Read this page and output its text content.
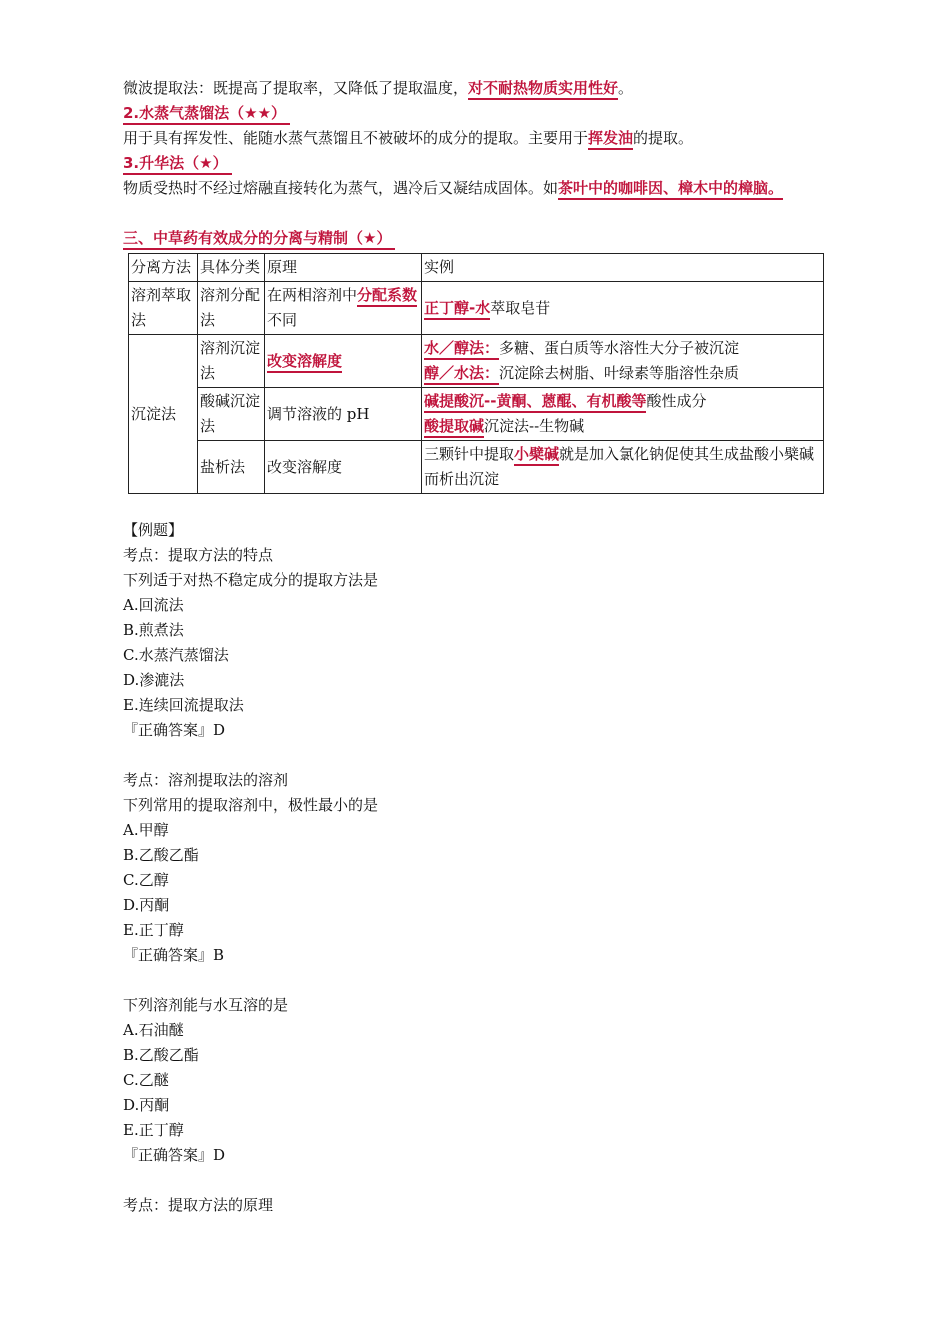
微波提取法：既提高了提取率，又降低了提取温度，对不耐热物质实用性好。
2.水蒸气蒸馏法（★★）
用于具有挥发性、能随水蒸气蒸馏且不被破坏的成分的提取。主要用于挥发油的提取。
3.升华法（★）
物质受热时不经过熔融直接转化为蒸气，遇冷后又凝结成固体。如茶叶中的咖啡因、樟木中的樟脑。
三、中草药有效成分的分离与精制（★）
分离方法	具体分类	原理	实例
溶剂萃取法	溶剂分配法	在两相溶剂中分配系数不同	正丁醇-水萃取皂苷
沉淀法	溶剂沉淀法	改变溶解度	水／醇法：多糖、蛋白质等水溶性大分子被沉淀
醇／水法：沉淀除去树脂、叶绿素等脂溶性杂质

	酸碱沉淀法	调节溶液的 pH	碱提酸沉--黄酮、蒽醌、有机酸等酸性成分
酸提取碱沉淀法--生物碱

	盐析法	改变溶解度	三颗针中提取小檗碱就是加入氯化钠促使其生成盐酸小檗碱而析出沉淀
【例题】
考点：提取方法的特点
下列适于对热不稳定成分的提取方法是
A.回流法
B.煎煮法
C.水蒸汽蒸馏法
D.渗漉法
E.连续回流提取法
『正确答案』D
考点：溶剂提取法的溶剂
下列常用的提取溶剂中，极性最小的是
A.甲醇
B.乙酸乙酯
C.乙醇
D.丙酮
E.正丁醇
『正确答案』B
下列溶剂能与水互溶的是
A.石油醚
B.乙酸乙酯
C.乙醚
D.丙酮
E.正丁醇
『正确答案』D
考点：提取方法的原理
